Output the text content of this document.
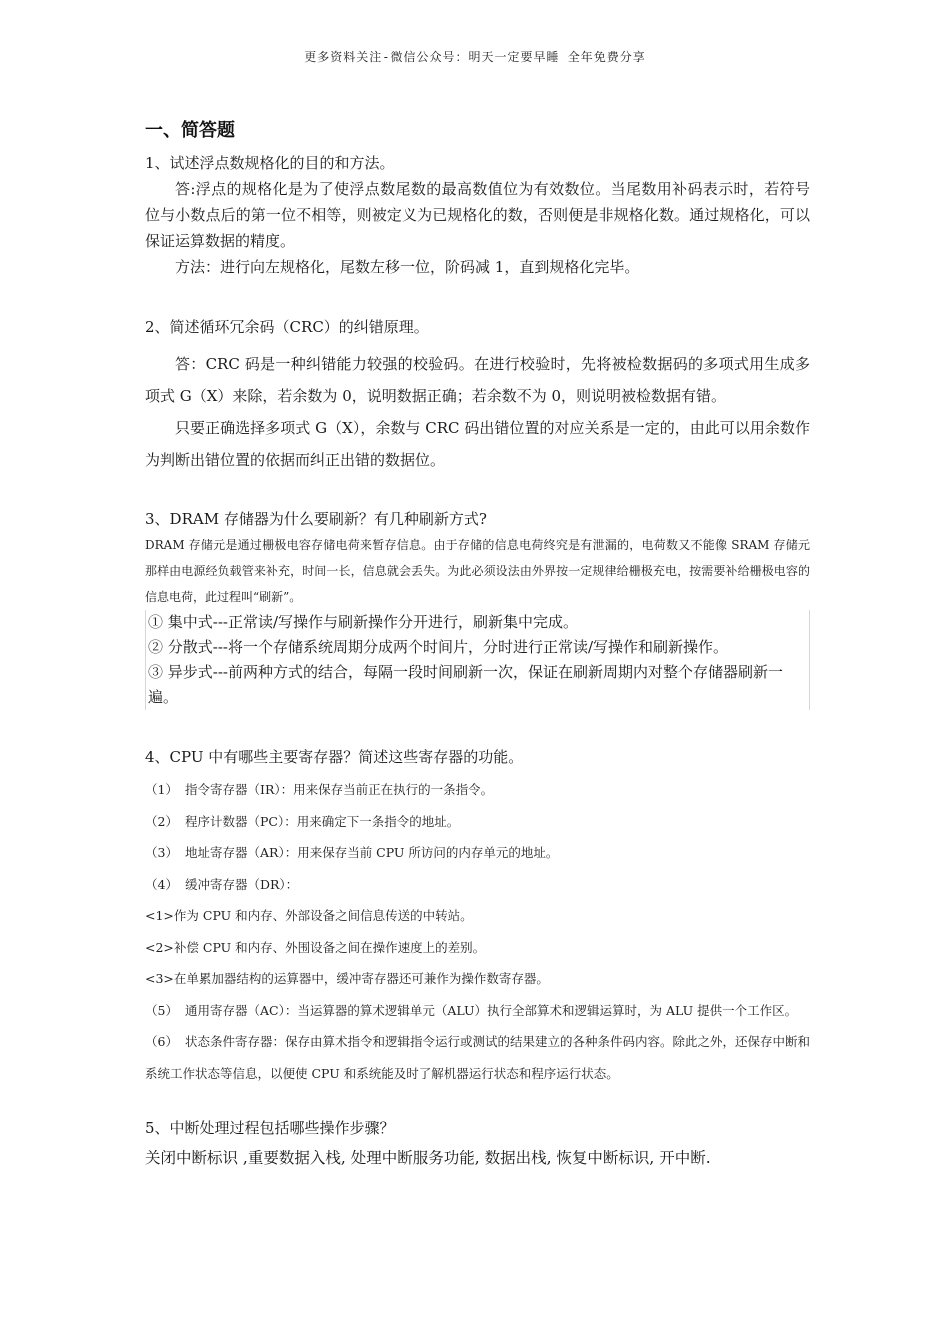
更多资料关注-微信公众号：明天一定要早睡 全年免费分享
一、简答题

1、试述浮点数规格化的目的和方法。

答:浮点的规格化是为了使浮点数尾数的最高数值位为有效数位。当尾数用补码表示时，若符号位与小数点后的第一位不相等，则被定义为已规格化的数，否则便是非规格化数。通过规格化，可以保证运算数据的精度。

方法：进行向左规格化，尾数左移一位，阶码减 1，直到规格化完毕。

2、简述循环冗余码（CRC）的纠错原理。

答：CRC 码是一种纠错能力较强的校验码。在进行校验时，先将被检数据码的多项式用生成多项式 G（X）来除，若余数为 0，说明数据正确；若余数不为 0，则说明被检数据有错。

只要正确选择多项式 G（X），余数与 CRC 码出错位置的对应关系是一定的，由此可以用余数作为判断出错位置的依据而纠正出错的数据位。

3、DRAM 存储器为什么要刷新？有几种刷新方式?

DRAM 存储元是通过栅极电容存储电荷来暂存信息。由于存储的信息电荷终究是有泄漏的，电荷数又不能像 SRAM 存储元那样由电源经负载管来补充，时间一长，信息就会丢失。为此必须设法由外界按一定规律给栅极充电，按需要补给栅极电容的信息电荷，此过程叫“刷新”。

① 集中式---正常读/写操作与刷新操作分开进行，刷新集中完成。

② 分散式---将一个存储系统周期分成两个时间片，分时进行正常读/写操作和刷新操作。

③ 异步式---前两种方式的结合，每隔一段时间刷新一次，保证在刷新周期内对整个存储器刷新一遍。

4、CPU 中有哪些主要寄存器？简述这些寄存器的功能。

（1） 指令寄存器（IR）：用来保存当前正在执行的一条指令。

（2） 程序计数器（PC）：用来确定下一条指令的地址。

（3） 地址寄存器（AR）：用来保存当前 CPU 所访问的内存单元的地址。

（4） 缓冲寄存器（DR）：

<1>作为 CPU 和内存、外部设备之间信息传送的中转站。

<2>补偿 CPU 和内存、外围设备之间在操作速度上的差别。

<3>在单累加器结构的运算器中，缓冲寄存器还可兼作为操作数寄存器。

（5） 通用寄存器（AC）：当运算器的算术逻辑单元（ALU）执行全部算术和逻辑运算时，为 ALU 提供一个工作区。

（6） 状态条件寄存器：保存由算术指令和逻辑指令运行或测试的结果建立的各种条件码内容。除此之外，还保存中断和系统工作状态等信息，以便使 CPU 和系统能及时了解机器运行状态和程序运行状态。

5、中断处理过程包括哪些操作步骤？

关闭中断标识 ,重要数据入栈, 处理中断服务功能, 数据出栈, 恢复中断标识, 开中断.
